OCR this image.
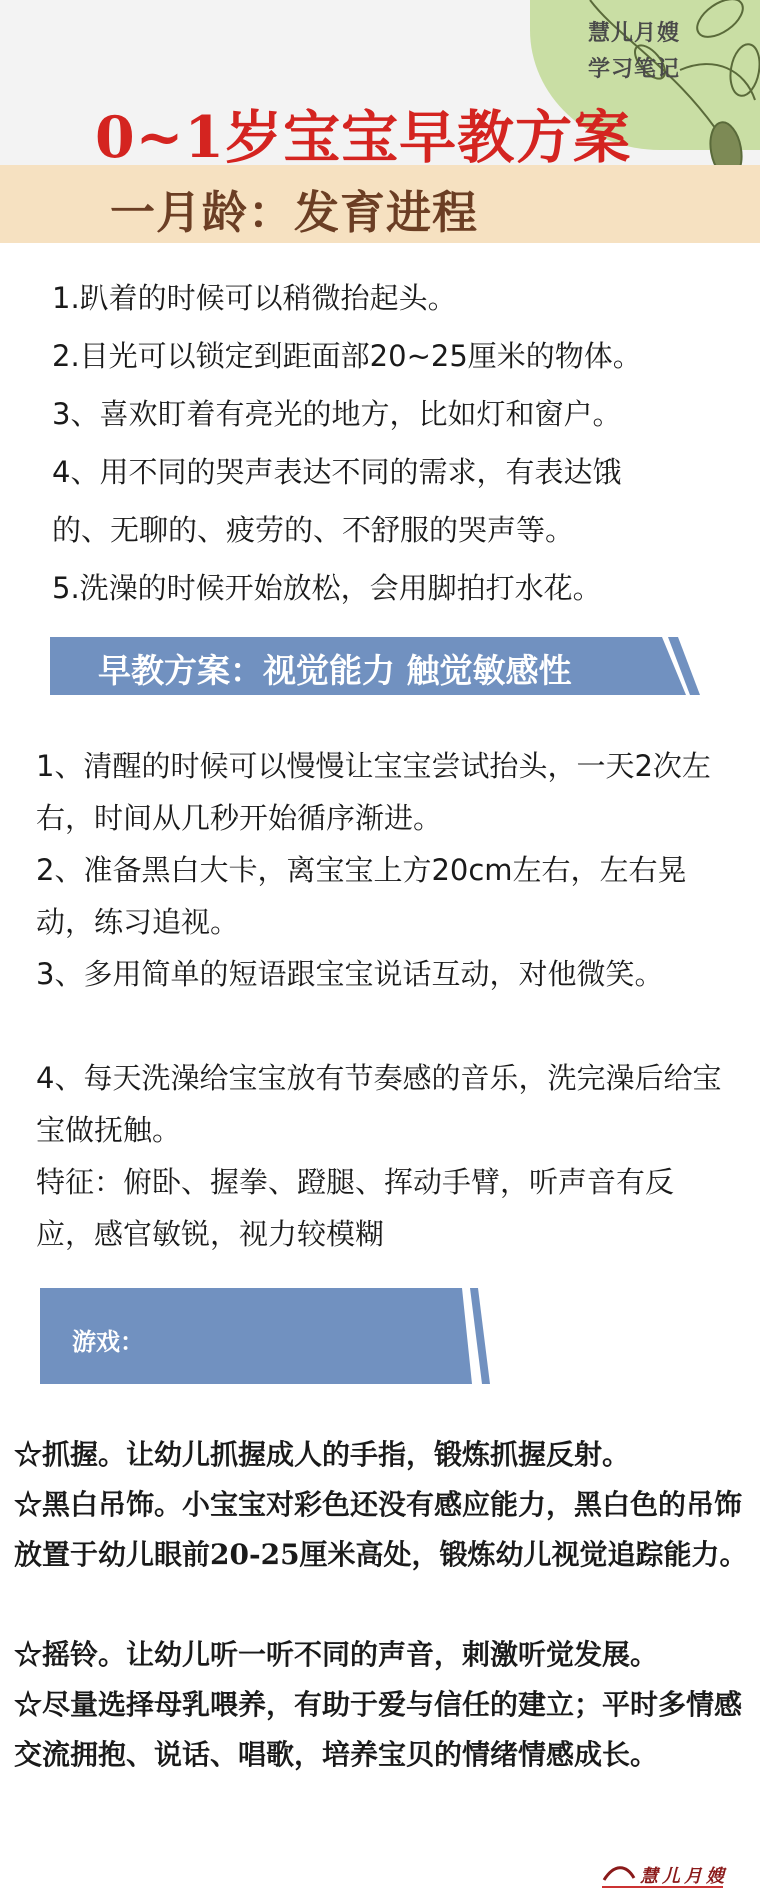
慧儿月嫂
学习笔记
0~1岁宝宝早教方案
一月龄：发育进程

1.趴着的时候可以稍微抬起头。

2.目光可以锁定到距面部20~25厘米的物体。

3、喜欢盯着有亮光的地方，比如灯和窗户。

4、用不同的哭声表达不同的需求，有表达饿

的、无聊的、疲劳的、不舒服的哭声等。

5.洗澡的时候开始放松，会用脚拍打水花。

早教方案：视觉能力 触觉敏感性

1、清醒的时候可以慢慢让宝宝尝试抬头，一天2次左右，时间从几秒开始循序渐进。

2、准备黑白大卡，离宝宝上方20cm左右，左右晃动，练习追视。

3、多用简单的短语跟宝宝说话互动，对他微笑。

4、每天洗澡给宝宝放有节奏感的音乐，洗完澡后给宝宝做抚触。

特征：俯卧、握拳、蹬腿、挥动手臂，听声音有反应，感官敏锐，视力较模糊

游戏：

☆抓握。让幼儿抓握成人的手指，锻炼抓握反射。

☆黑白吊饰。小宝宝对彩色还没有感应能力，黑白色的吊饰放置于幼儿眼前20-25厘米高处，锻炼幼儿视觉追踪能力。

☆摇铃。让幼儿听一听不同的声音，刺激听觉发展。

☆尽量选择母乳喂养，有助于爱与信任的建立；平时多情感交流拥抱、说话、唱歌，培养宝贝的情绪情感成长。

慧儿月嫂
